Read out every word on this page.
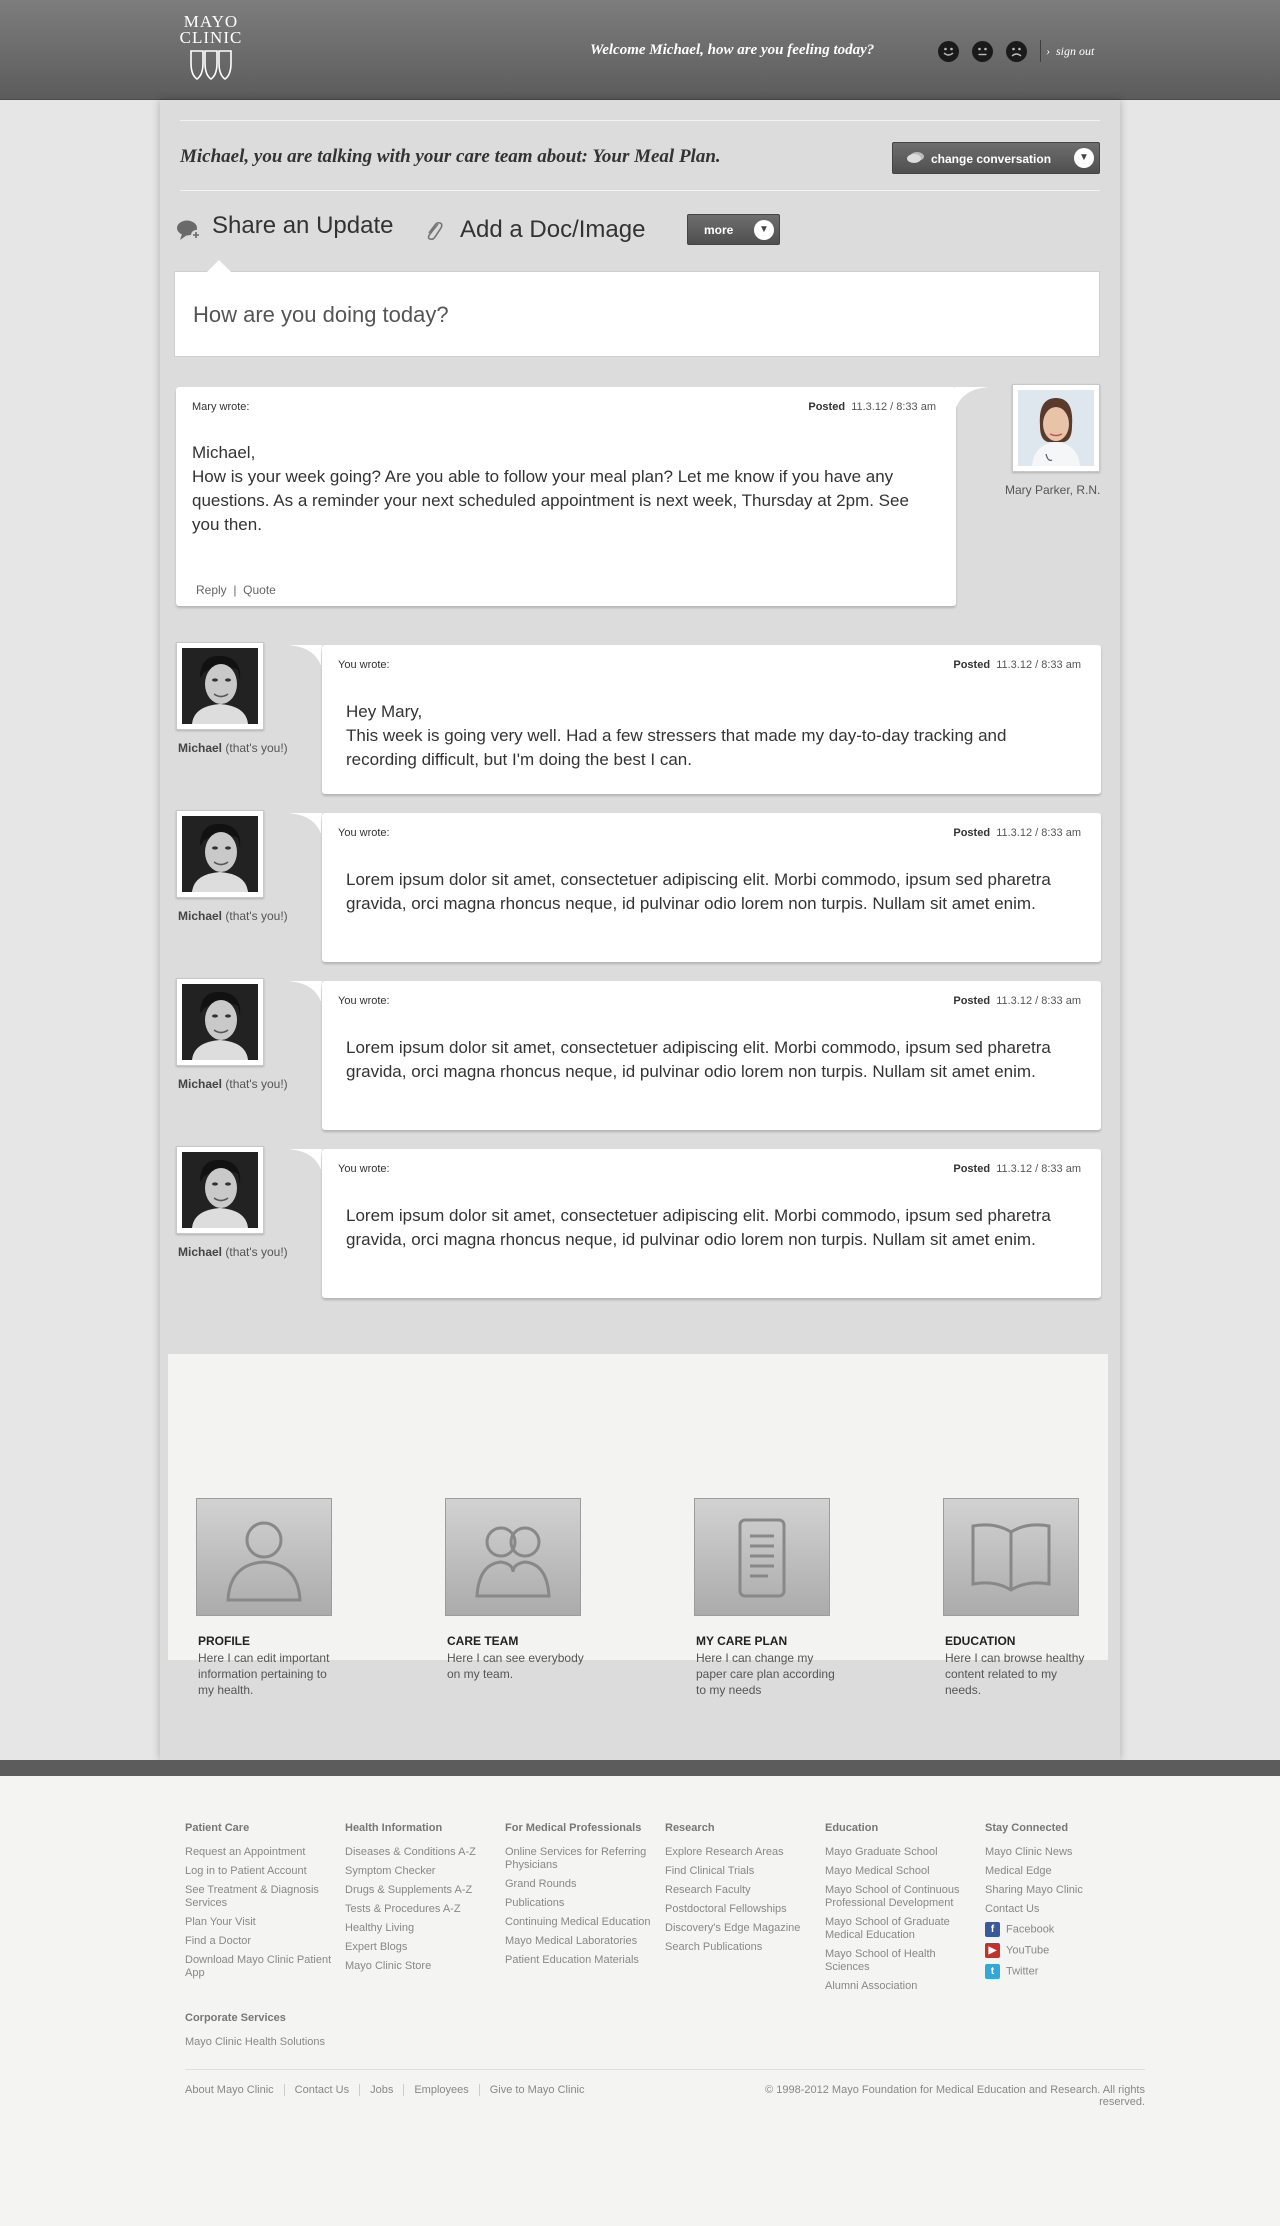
MAYO
CLINIC
Welcome Michael, how are you feeling today?	›  sign out
Michael, you are talking with your care team about: Your Meal Plan.	change conversation	▼
Share an Update	Add a Doc/Image	more	▼
How are you doing today?
Mary wrote:	Posted 11.3.12 / 8:33 am
Michael,
How is your week going? Are you able to follow your meal plan? Let me know if you have any questions. As a reminder your next scheduled appointment is next week, Thursday at 2pm. See you then.
Reply | Quote
Mary Parker, R.N.
Michael (that's you!)
You wrote:	Posted 11.3.12 / 8:33 am
Hey Mary,
This week is going very well. Had a few stressers that made my day-to-day tracking and recording difficult, but I'm doing the best I can.
Michael (that's you!)
You wrote:	Posted 11.3.12 / 8:33 am
Lorem ipsum dolor sit amet, consectetuer adipiscing elit. Morbi commodo, ipsum sed pharetra gravida, orci magna rhoncus neque, id pulvinar odio lorem non turpis. Nullam sit amet enim.
Michael (that's you!)
You wrote:	Posted 11.3.12 / 8:33 am
Lorem ipsum dolor sit amet, consectetuer adipiscing elit. Morbi commodo, ipsum sed pharetra gravida, orci magna rhoncus neque, id pulvinar odio lorem non turpis. Nullam sit amet enim.
Michael (that's you!)
You wrote:	Posted 11.3.12 / 8:33 am
Lorem ipsum dolor sit amet, consectetuer adipiscing elit. Morbi commodo, ipsum sed pharetra gravida, orci magna rhoncus neque, id pulvinar odio lorem non turpis. Nullam sit amet enim.
PROFILE
Here I can edit important information pertaining to my health.
CARE TEAM
Here I can see everybody on my team.
MY CARE PLAN
Here I can change my paper care plan according to my needs
EDUCATION
Here I can browse healthy content related to my needs.
Patient Care
Request an Appointment
Log in to Patient Account
See Treatment & Diagnosis Services
Plan Your Visit
Find a Doctor
Download Mayo Clinic Patient App
Health Information
Diseases & Conditions A-Z
Symptom Checker
Drugs & Supplements A-Z
Tests & Procedures A-Z
Healthy Living
Expert Blogs
Mayo Clinic Store
For Medical Professionals
Online Services for Referring Physicians
Grand Rounds
Publications
Continuing Medical Education
Mayo Medical Laboratories
Patient Education Materials
Research
Explore Research Areas
Find Clinical Trials
Research Faculty
Postdoctoral Fellowships
Discovery's Edge Magazine
Search Publications
Education
Mayo Graduate School
Mayo Medical School
Mayo School of Continuous Professional Development
Mayo School of Graduate Medical Education
Mayo School of Health Sciences
Alumni Association
Stay Connected
Mayo Clinic News
Medical Edge
Sharing Mayo Clinic
Contact Us
f Facebook
▶ YouTube
t Twitter
Corporate Services
Mayo Clinic Health Solutions
About Mayo Clinic Contact Us Jobs Employees Give to Mayo Clinic	© 1998-2012 Mayo Foundation for Medical Education and Research. All rights reserved.
